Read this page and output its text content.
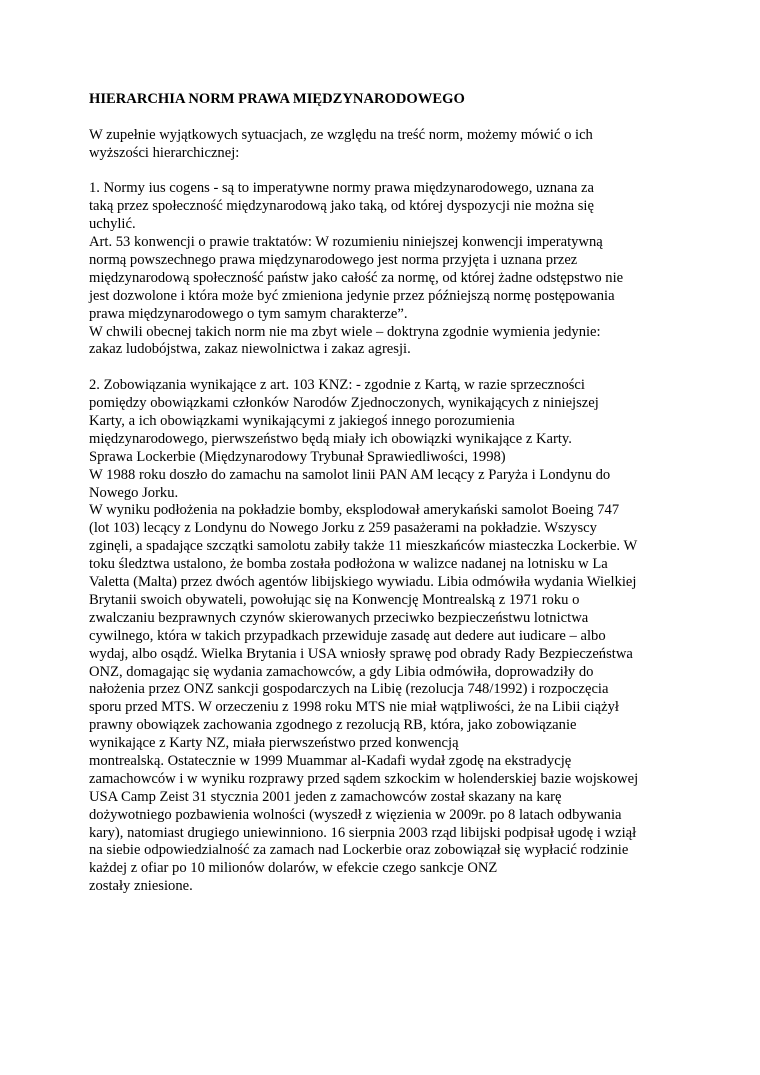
HIERARCHIA NORM PRAWA MIĘDZYNARODOWEGO
W zupełnie wyjątkowych sytuacjach, ze względu na treść norm, możemy mówić o ich
wyższości hierarchicznej:
1. Normy ius cogens - są to imperatywne normy prawa międzynarodowego, uznana za
taką przez społeczność międzynarodową jako taką, od której dyspozycji nie można się
uchylić.
Art. 53 konwencji o prawie traktatów: W rozumieniu niniejszej konwencji imperatywną
normą powszechnego prawa międzynarodowego jest norma przyjęta i uznana przez
międzynarodową społeczność państw jako całość za normę, od której żadne odstępstwo nie
jest dozwolone i która może być zmieniona jedynie przez późniejszą normę postępowania
prawa międzynarodowego o tym samym charakterze”.
W chwili obecnej takich norm nie ma zbyt wiele – doktryna zgodnie wymienia jedynie:
zakaz ludobójstwa, zakaz niewolnictwa i zakaz agresji.
2. Zobowiązania wynikające z art. 103 KNZ: - zgodnie z Kartą, w razie sprzeczności
pomiędzy obowiązkami członków Narodów Zjednoczonych, wynikających z niniejszej
Karty, a ich obowiązkami wynikającymi z jakiegoś innego porozumienia
międzynarodowego, pierwszeństwo będą miały ich obowiązki wynikające z Karty.
Sprawa Lockerbie (Międzynarodowy Trybunał Sprawiedliwości, 1998)
W 1988 roku doszło do zamachu na samolot linii PAN AM lecący z Paryża i Londynu do
Nowego Jorku.
W wyniku podłożenia na pokładzie bomby, eksplodował amerykański samolot Boeing 747
(lot 103) lecący z Londynu do Nowego Jorku z 259 pasażerami na pokładzie. Wszyscy
zginęli, a spadające szczątki samolotu zabiły także 11 mieszkańców miasteczka Lockerbie. W
toku śledztwa ustalono, że bomba została podłożona w walizce nadanej na lotnisku w La
Valetta (Malta) przez dwóch agentów libijskiego wywiadu. Libia odmówiła wydania Wielkiej
Brytanii swoich obywateli, powołując się na Konwencję Montrealską z 1971 roku o
zwalczaniu bezprawnych czynów skierowanych przeciwko bezpieczeństwu lotnictwa
cywilnego, która w takich przypadkach przewiduje zasadę aut dedere aut iudicare – albo
wydaj, albo osądź. Wielka Brytania i USA wniosły sprawę pod obrady Rady Bezpieczeństwa
ONZ, domagając się wydania zamachowców, a gdy Libia odmówiła, doprowadziły do
nałożenia przez ONZ sankcji gospodarczych na Libię (rezolucja 748/1992) i rozpoczęcia
sporu przed MTS. W orzeczeniu z 1998 roku MTS nie miał wątpliwości, że na Libii ciążył
prawny obowiązek zachowania zgodnego z rezolucją RB, która, jako zobowiązanie
wynikające z Karty NZ, miała pierwszeństwo przed konwencją
montrealską. Ostatecznie w 1999 Muammar al-Kadafi wydał zgodę na ekstradycję
zamachowców i w wyniku rozprawy przed sądem szkockim w holenderskiej bazie wojskowej
USA Camp Zeist 31 stycznia 2001 jeden z zamachowców został skazany na karę
dożywotniego pozbawienia wolności (wyszedł z więzienia w 2009r. po 8 latach odbywania
kary), natomiast drugiego uniewinniono. 16 sierpnia 2003 rząd libijski podpisał ugodę i wziął
na siebie odpowiedzialność za zamach nad Lockerbie oraz zobowiązał się wypłacić rodzinie
każdej z ofiar po 10 milionów dolarów, w efekcie czego sankcje ONZ
zostały zniesione.
